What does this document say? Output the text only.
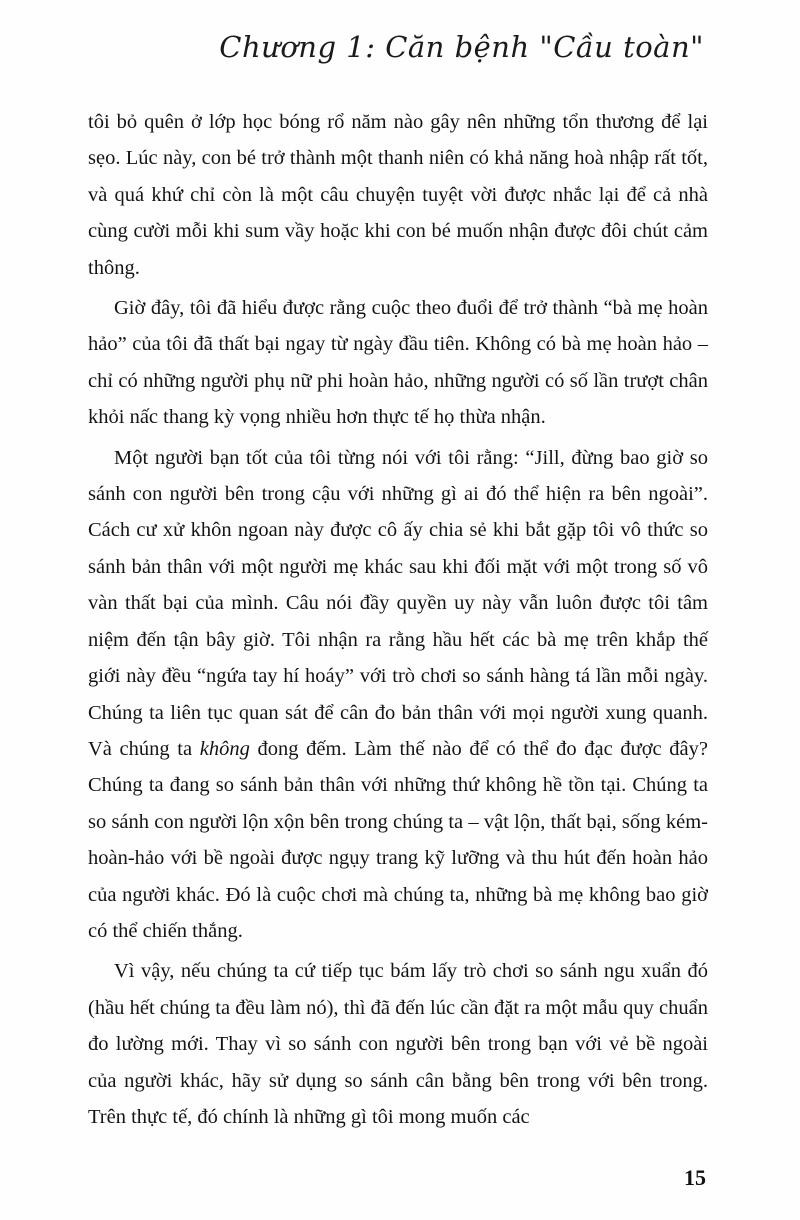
Chương 1: Căn bệnh "Cầu toàn"

tôi bỏ quên ở lớp học bóng rổ năm nào gây nên những tổn thương để lại sẹo. Lúc này, con bé trở thành một thanh niên có khả năng hoà nhập rất tốt, và quá khứ chỉ còn là một câu chuyện tuyệt vời được nhắc lại để cả nhà cùng cười mỗi khi sum vầy hoặc khi con bé muốn nhận được đôi chút cảm thông.

Giờ đây, tôi đã hiểu được rằng cuộc theo đuổi để trở thành “bà mẹ hoàn hảo” của tôi đã thất bại ngay từ ngày đầu tiên. Không có bà mẹ hoàn hảo – chỉ có những người phụ nữ phi hoàn hảo, những người có số lần trượt chân khỏi nấc thang kỳ vọng nhiều hơn thực tế họ thừa nhận.

Một người bạn tốt của tôi từng nói với tôi rằng: “Jill, đừng bao giờ so sánh con người bên trong cậu với những gì ai đó thể hiện ra bên ngoài”. Cách cư xử khôn ngoan này được cô ấy chia sẻ khi bắt gặp tôi vô thức so sánh bản thân với một người mẹ khác sau khi đối mặt với một trong số vô vàn thất bại của mình. Câu nói đầy quyền uy này vẫn luôn được tôi tâm niệm đến tận bây giờ. Tôi nhận ra rằng hầu hết các bà mẹ trên khắp thế giới này đều “ngứa tay hí hoáy” với trò chơi so sánh hàng tá lần mỗi ngày. Chúng ta liên tục quan sát để cân đo bản thân với mọi người xung quanh. Và chúng ta không đong đếm. Làm thế nào để có thể đo đạc được đây? Chúng ta đang so sánh bản thân với những thứ không hề tồn tại. Chúng ta so sánh con người lộn xộn bên trong chúng ta – vật lộn, thất bại, sống kém-hoàn-hảo với bề ngoài được ngụy trang kỹ lưỡng và thu hút đến hoàn hảo của người khác. Đó là cuộc chơi mà chúng ta, những bà mẹ không bao giờ có thể chiến thắng.

Vì vậy, nếu chúng ta cứ tiếp tục bám lấy trò chơi so sánh ngu xuẩn đó (hầu hết chúng ta đều làm nó), thì đã đến lúc cần đặt ra một mẫu quy chuẩn đo lường mới. Thay vì so sánh con người bên trong bạn với vẻ bề ngoài của người khác, hãy sử dụng so sánh cân bằng bên trong với bên trong. Trên thực tế, đó chính là những gì tôi mong muốn các

15
